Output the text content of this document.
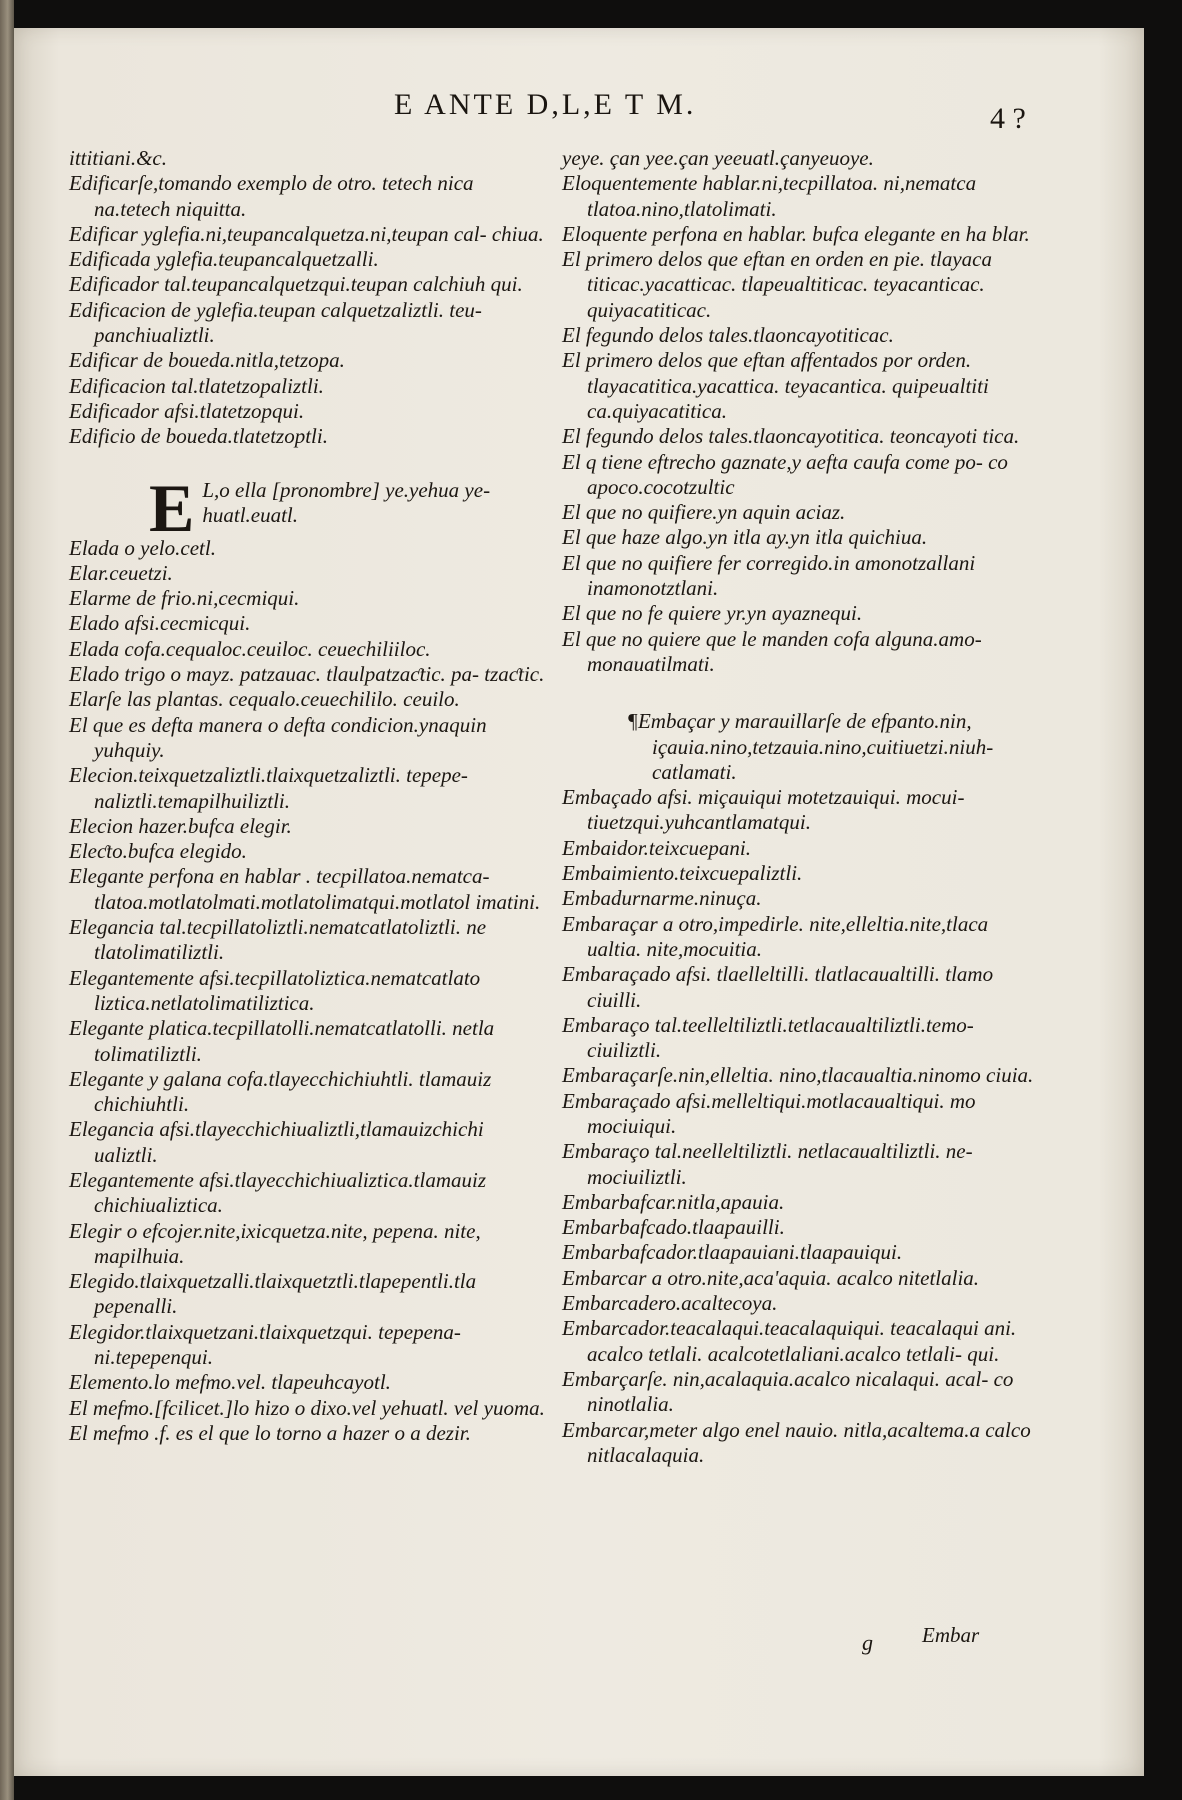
E ANTE D,L,E T M.	4 ?

ittitiani.&c.

Edificarſe,tomando exemplo de otro. tetech nica na.tetech niquitta.

Edificar yglefia.ni,teupancalquetza.ni,teupan cal- chiua.

Edificada yglefia.teupancalquetzalli.

Edificador tal.teupancalquetzqui.teupan calchiuh qui.

Edificacion de yglefia.teupan calquetzaliztli. teu- panchiualiztli.

Edificar de boueda.nitla,tetzopa.

Edificacion tal.tlatetzopaliztli.

Edificador afsi.tlatetzopqui.

Edificio de boueda.tlatetzoptli.

E L,o ella [pronombre] ye.yehua ye- huatl.euatl.

Elada o yelo.cetl.

Elar.ceuetzi.

Elarme de frio.ni,cecmiqui.

Elado afsi.cecmicqui.

Elada cofa.cequaloc.ceuiloc. ceuechiliiloc.

Elado trigo o mayz. patzauac. tlaulpatzaƈtic. pa- tzaƈtic.

Elarſe las plantas. cequalo.ceuechililo. ceuilo.

El que es defta manera o defta condicion.ynaquin yuhquiy.

Elecion.teixquetzaliztli.tlaixquetzaliztli. tepepe- naliztli.temapilhuiliztli.

Elecion hazer.bufca elegir.

Eleƈto.bufca elegido.

Elegante perfona en hablar . tecpillatoa.nematca- tlatoa.motlatolmati.motlatolimatqui.motlatol imatini.

Elegancia tal.tecpillatoliztli.nematcatlatoliztli. ne tlatolimatiliztli.

Elegantemente afsi.tecpillatoliztica.nematcatlato liztica.netlatolimatiliztica.

Elegante platica.tecpillatolli.nematcatlatolli. netla tolimatiliztli.

Elegante y galana cofa.tlayecchichiuhtli. tlamauiz chichiuhtli.

Elegancia afsi.tlayecchichiualiztli,tlamauizchichi ualiztli.

Elegantemente afsi.tlayecchichiualiztica.tlamauiz chichiualiztica.

Elegir o efcojer.nite,ixicquetza.nite, pepena. nite, mapilhuia.

Elegido.tlaixquetzalli.tlaixquetztli.tlapepentli.tla pepenalli.

Elegidor.tlaixquetzani.tlaixquetzqui. tepepena- ni.tepepenqui.

Elemento.lo mefmo.vel. tlapeuhcayotl.

El mefmo.[fcilicet.]lo hizo o dixo.vel yehuatl. vel yuoma.

El mefmo .f. es el que lo torno a hazer o a dezir.

yeye. çan yee.çan yeeuatl.çanyeuoye.

Eloquentemente hablar.ni,tecpillatoa. ni,nematca tlatoa.nino,tlatolimati.

Eloquente perfona en hablar. bufca elegante en ha blar.

El primero delos que eftan en orden en pie. tlayaca titicac.yacatticac. tlapeualtiticac. teyacanticac. quiyacatiticac.

El fegundo delos tales.tlaoncayotiticac.

El primero delos que eftan affentados por orden. tlayacatitica.yacattica. teyacantica. quipeualtiti ca.quiyacatitica.

El fegundo delos tales.tlaoncayotitica. teoncayoti tica.

El q tiene eftrecho gaznate,y aefta caufa come po- co apoco.cocotzultic

El que no quifiere.yn aquin aciaz.

El que haze algo.yn itla ay.yn itla quichiua.

El que no quifiere fer corregido.in amonotzallani inamonotztlani.

El que no fe quiere yr.yn ayaznequi.

El que no quiere que le manden cofa alguna.amo- monauatilmati.

¶Embaçar y marauillarſe de efpanto.nin, içauia.nino,tetzauia.nino,cuitiuetzi.niuh- catlamati.

Embaçado afsi. miçauiqui motetzauiqui. mocui- tiuetzqui.yuhcantlamatqui.

Embaidor.teixcuepani.

Embaimiento.teixcuepaliztli.

Embadurnarme.ninuça.

Embaraçar a otro,impedirle. nite,elleltia.nite,tlaca ualtia. nite,mocuitia.

Embaraçado afsi. tlaelleltilli. tlatlacaualtilli. tlamo ciuilli.

Embaraço tal.teelleltiliztli.tetlacaualtiliztli.temo- ciuiliztli.

Embaraçarſe.nin,elleltia. nino,tlacaualtia.ninomo ciuia.

Embaraçado afsi.melleltiqui.motlacaualtiqui. mo mociuiqui.

Embaraço tal.neelleltiliztli. netlacaualtiliztli. ne- mociuiliztli.

Embarbafcar.nitla,apauia.

Embarbafcado.tlaapauilli.

Embarbafcador.tlaapauiani.tlaapauiqui.

Embarcar a otro.nite,aca'aquia. acalco nitetlalia.

Embarcadero.acaltecoya.

Embarcador.teacalaqui.teacalaquiqui. teacalaqui ani. acalco tetlali. acalcotetlaliani.acalco tetlali- qui.

Embarçarſe. nin,acalaquia.acalco nicalaqui. acal- co ninotlalia.

Embarcar,meter algo enel nauio. nitla,acaltema.a calco nitlacalaquia.

g Embar
